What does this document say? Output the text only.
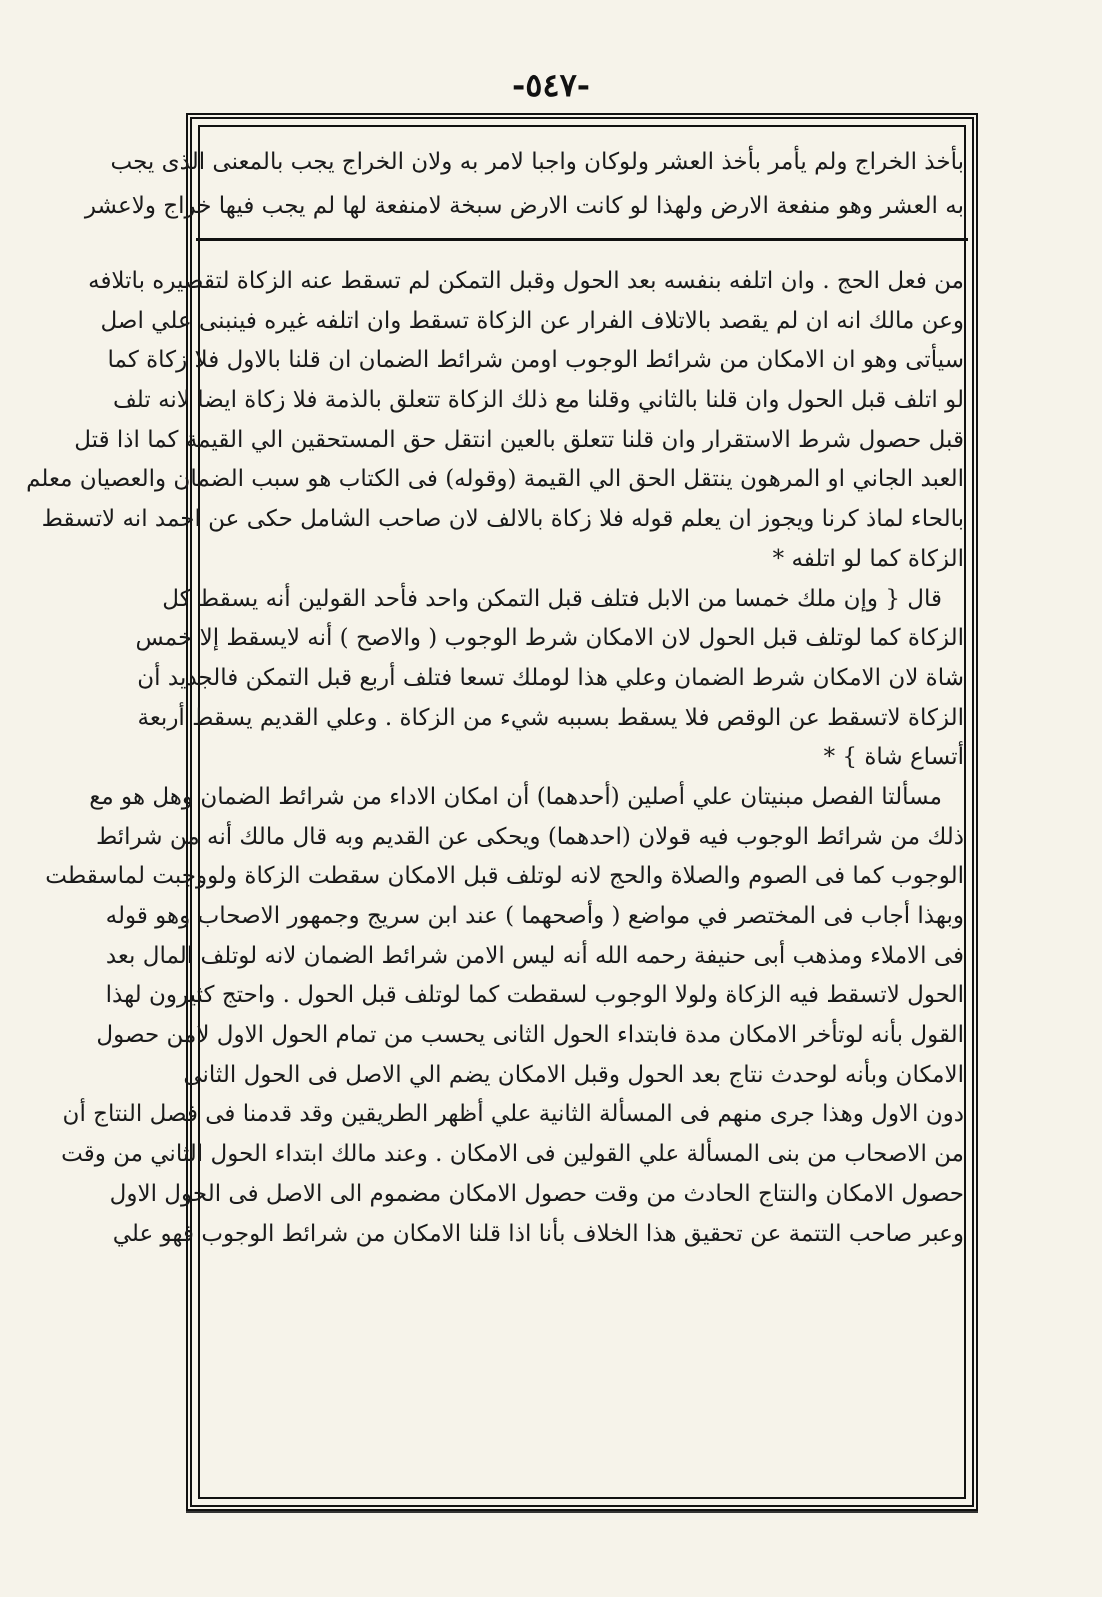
-٥٤٧-
بأخذ الخراج ولم يأمر بأخذ العشر ولوكان واجبا لامر به ولان الخراج يجب بالمعنى الذى يجب
به العشر وهو منفعة الارض ولهذا لو كانت الارض سبخة لامنفعة لها لم يجب فيها خراج ولاعشر
من فعل الحج . وان اتلفه بنفسه بعد الحول وقبل التمكن لم تسقط عنه الزكاة لتقصيره باتلافه
وعن مالك انه ان لم يقصد بالاتلاف الفرار عن الزكاة تسقط وان اتلفه غيره فينبنى علي اصل
سيأتى وهو ان الامكان من شرائط الوجوب اومن شرائط الضمان ان قلنا بالاول فلا زكاة كما
لو اتلف قبل الحول وان قلنا بالثاني وقلنا مع ذلك الزكاة تتعلق بالذمة فلا زكاة ايضا لانه تلف
قبل حصول شرط الاستقرار وان قلنا تتعلق بالعين انتقل حق المستحقين الي القيمة كما اذا قتل
العبد الجاني او المرهون ينتقل الحق الي القيمة (وقوله) فى الكتاب هو سبب الضمان والعصيان معلم
بالحاء لماذ كرنا ويجوز ان يعلم قوله فلا زكاة بالالف لان صاحب الشامل حكى عن احمد انه لاتسقط
الزكاة كما لو اتلفه *
قال { وإن ملك خمسا من الابل فتلف قبل التمكن واحد فأحد القولين أنه يسقط كل
الزكاة كما لوتلف قبل الحول لان الامكان شرط الوجوب ( والاصح ) أنه لايسقط إلا خمس
شاة لان الامكان شرط الضمان وعلي هذا لوملك تسعا فتلف أربع قبل التمكن فالجديد أن
الزكاة لاتسقط عن الوقص فلا يسقط بسببه شيء من الزكاة . وعلي القديم يسقط أربعة
أتساع شاة } *
مسألتا الفصل مبنيتان علي أصلين (أحدهما) أن امكان الاداء من شرائط الضمان وهل هو مع
ذلك من شرائط الوجوب فيه قولان (احدهما) ويحكى عن القديم وبه قال مالك أنه من شرائط
الوجوب كما فى الصوم والصلاة والحج لانه لوتلف قبل الامكان سقطت الزكاة ولووجبت لماسقطت
وبهذا أجاب فى المختصر في مواضع ( وأصحهما ) عند ابن سريج وجمهور الاصحاب وهو قوله
فى الاملاء ومذهب أبى حنيفة رحمه الله أنه ليس الامن شرائط الضمان لانه لوتلف المال بعد
الحول لاتسقط فيه الزكاة ولولا الوجوب لسقطت كما لوتلف قبل الحول . واحتج كثيرون لهذا
القول بأنه لوتأخر الامكان مدة فابتداء الحول الثانى يحسب من تمام الحول الاول لامن حصول
الامكان وبأنه لوحدث نتاج بعد الحول وقبل الامكان يضم الي الاصل فى الحول الثانى
دون الاول وهذا جرى منهم فى المسألة الثانية علي أظهر الطريقين وقد قدمنا فى فصل النتاج أن
من الاصحاب من بنى المسألة علي القولين فى الامكان . وعند مالك ابتداء الحول الثاني من وقت
حصول الامكان والنتاج الحادث من وقت حصول الامكان مضموم الى الاصل فى الحول الاول
وعبر صاحب التتمة عن تحقيق هذا الخلاف بأنا اذا قلنا الامكان من شرائط الوجوب فهو علي
